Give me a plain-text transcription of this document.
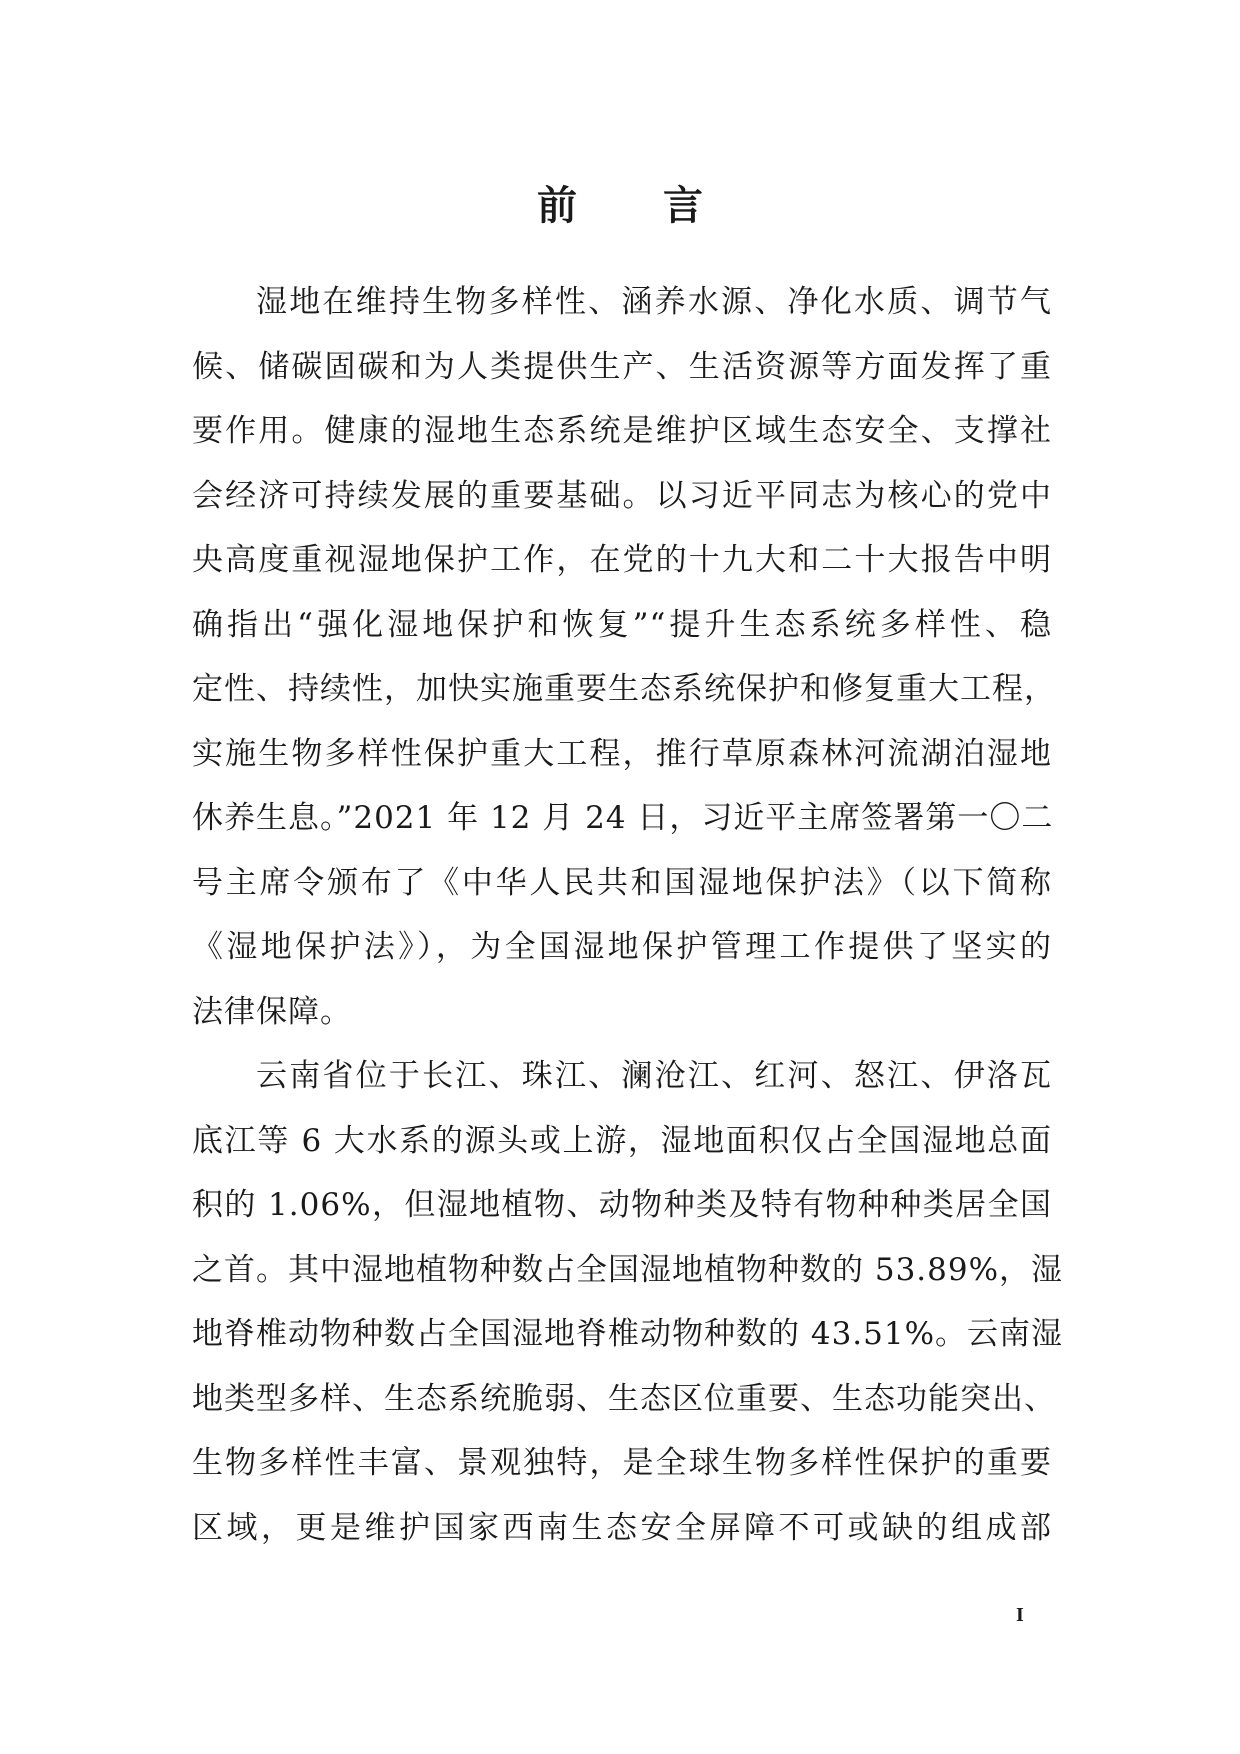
前 言
湿地在维持生物多样性、涵养水源、净化水质、调节气
候、储碳固碳和为人类提供生产、生活资源等方面发挥了重
要作用。健康的湿地生态系统是维护区域生态安全、支撑社
会经济可持续发展的重要基础。以习近平同志为核心的党中
央高度重视湿地保护工作，在党的十九大和二十大报告中明
确指出“强化湿地保护和恢复”“提升生态系统多样性、稳
定性、持续性，加快实施重要生态系统保护和修复重大工程，
实施生物多样性保护重大工程，推行草原森林河流湖泊湿地
休养生息。”2021 年 12 月 24 日，习近平主席签署第一〇二
号主席令颁布了《中华人民共和国湿地保护法》（以下简称
《湿地保护法》），为全国湿地保护管理工作提供了坚实的
法律保障。
云南省位于长江、珠江、澜沧江、红河、怒江、伊洛瓦
底江等 6 大水系的源头或上游，湿地面积仅占全国湿地总面
积的 1.06%，但湿地植物、动物种类及特有物种种类居全国
之首。其中湿地植物种数占全国湿地植物种数的 53.89%，湿
地脊椎动物种数占全国湿地脊椎动物种数的 43.51%。云南湿
地类型多样、生态系统脆弱、生态区位重要、生态功能突出、
生物多样性丰富、景观独特，是全球生物多样性保护的重要
区域，更是维护国家西南生态安全屏障不可或缺的组成部
I
